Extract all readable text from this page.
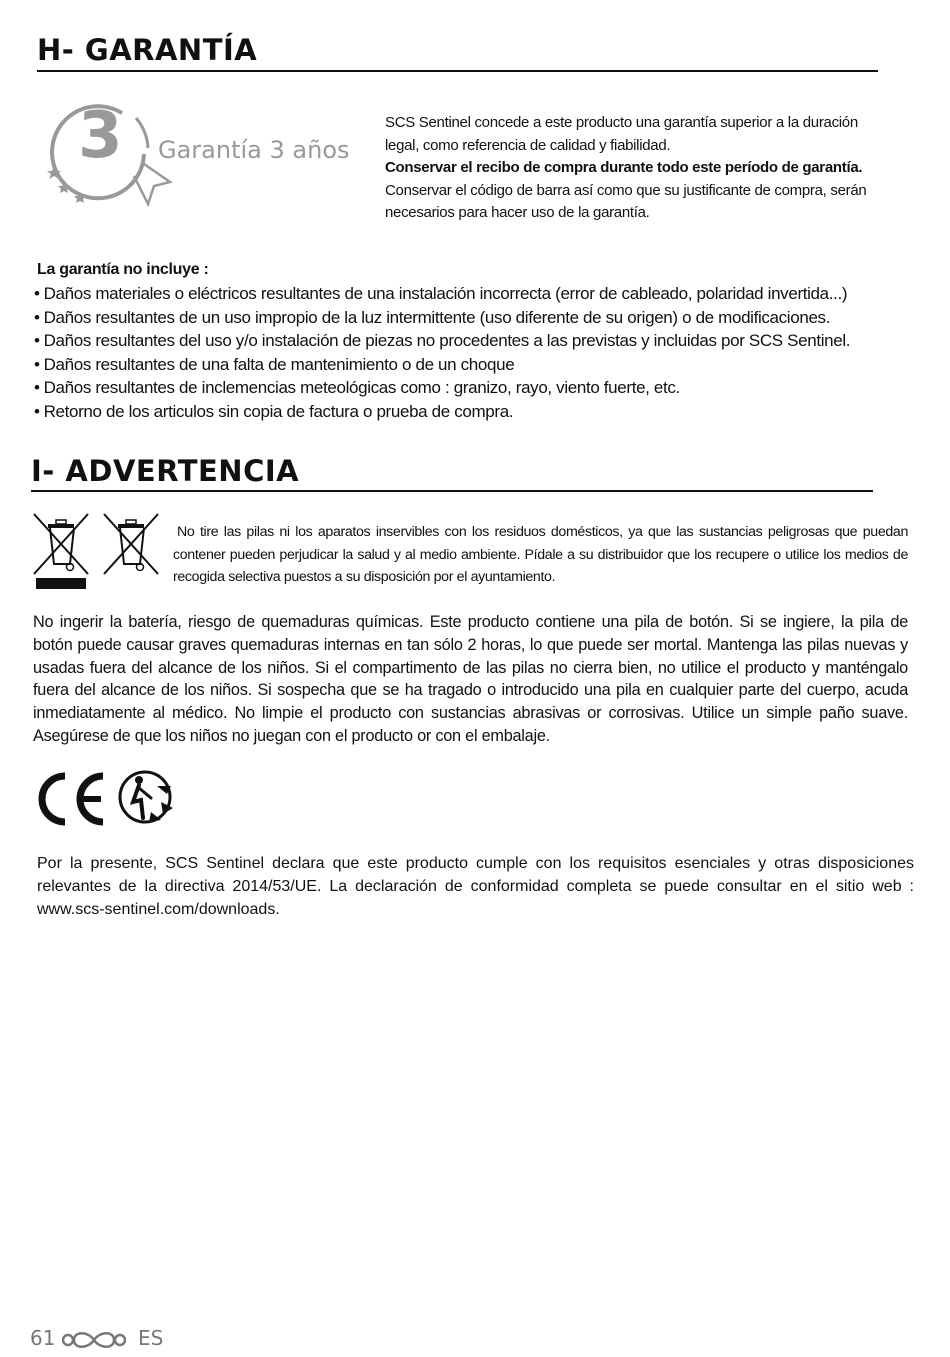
H- GARANTÍA
3 Garantía 3 años
SCS Sentinel concede a este producto una garantía superior a la duración legal, como referencia de calidad y fiabilidad.
Conservar el recibo de compra durante todo este período de garantía.
Conservar el código de barra así como que su justificante de compra, serán necesarios para hacer uso de la garantía.
La garantía no incluye :
• Daños materiales o eléctricos resultantes de una instalación incorrecta (error de cableado, polaridad invertida...)
• Daños resultantes de un uso impropio de la luz intermittente (uso diferente de su origen) o de modificaciones.
• Daños resultantes del uso y/o instalación de piezas no procedentes a las previstas y incluidas por SCS Sentinel.
• Daños resultantes de una falta de mantenimiento o de un choque
• Daños resultantes de inclemencias meteológicas como : granizo, rayo, viento fuerte, etc.
• Retorno de los articulos sin copia de factura o prueba de compra.
I- ADVERTENCIA
No tire las pilas ni los aparatos inservibles con los residuos domésticos, ya que las sustancias peligrosas que puedan contener pueden perjudicar la salud y al medio ambiente. Pídale a su distribuidor que los recupere o utilice los medios de recogida selectiva puestos a su disposición por el ayuntamiento.
No ingerir la batería, riesgo de quemaduras químicas. Este producto contiene una pila de botón. Si se ingiere, la pila de botón puede causar graves quemaduras internas en tan sólo 2 horas, lo que puede ser mortal. Mantenga las pilas nuevas y usadas fuera del alcance de los niños. Si el compartimento de las pilas no cierra bien, no utilice el producto y manténgalo fuera del alcance de los niños. Si sospecha que se ha tragado o introducido una pila en cualquier parte del cuerpo, acuda inmediatamente al médico. No limpie el producto con sustancias abrasivas or corrosivas. Utilice un simple paño suave. Asegúrese de que los niños no juegan con el producto or con el embalaje.
Por la presente, SCS Sentinel declara que este producto cumple con los requisitos esenciales y otras disposiciones relevantes de la directiva 2014/53/UE. La declaración de conformidad completa se puede consultar en el sitio web : www.scs-sentinel.com/downloads.
61	ES
